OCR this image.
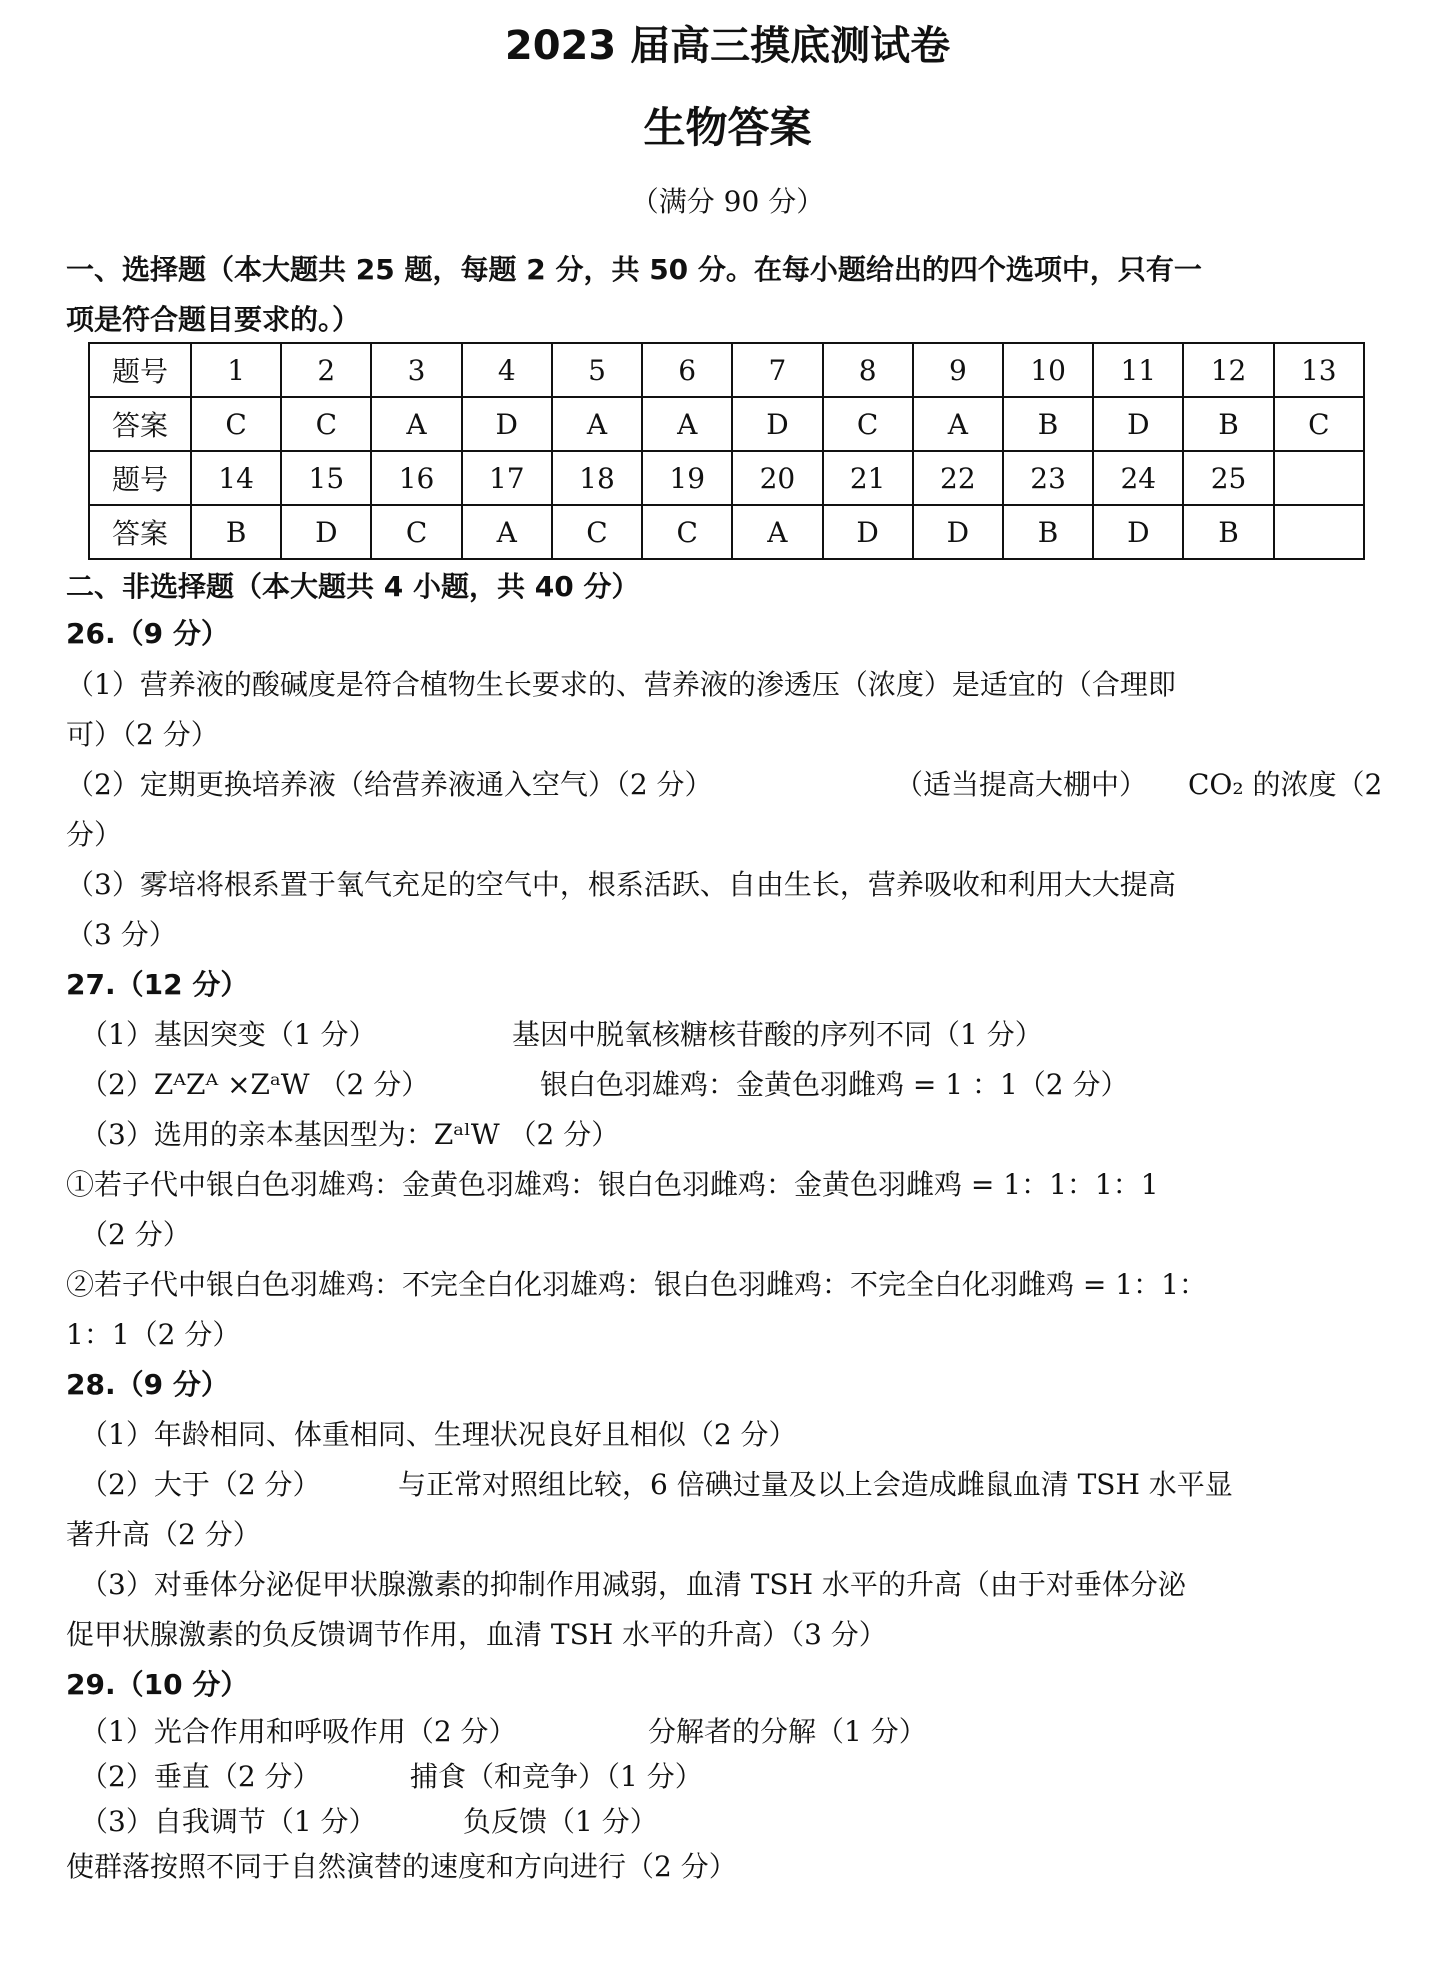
2023 届高三摸底测试卷
生物答案
（满分 90 分）
一、选择题（本大题共 25 题，每题 2 分，共 50 分。在每小题给出的四个选项中，只有一
项是符合题目要求的。）
题号	1	2	3	4	5	6	7	8	9	10	11	12	13
答案	C	C	A	D	A	A	D	C	A	B	D	B	C
题号	14	15	16	17	18	19	20	21	22	23	24	25	
答案	B	D	C	A	C	C	A	D	D	B	D	B	
二、非选择题（本大题共 4 小题，共 40 分）
26.（9 分）
（1）营养液的酸碱度是符合植物生长要求的、营养液的渗透压（浓度）是适宜的（合理即
可）（2 分）
（2）定期更换培养液（给营养液通入空气）（2 分）	（适当提高大棚中） CO₂ 的浓度（2
分）
（3）雾培将根系置于氧气充足的空气中，根系活跃、自由生长，营养吸收和利用大大提高
（3 分）
27.（12 分）
（1）基因突变（1 分）	基因中脱氧核糖核苷酸的序列不同（1 分）
（2）ZᴬZᴬ ×ZᵃW （2 分）	银白色羽雄鸡：金黄色羽雌鸡 = 1 ：1（2 分）
（3）选用的亲本基因型为：ZᵃˡW （2 分）
①若子代中银白色羽雄鸡：金黄色羽雄鸡：银白色羽雌鸡：金黄色羽雌鸡 = 1：1：1：1
（2 分）
②若子代中银白色羽雄鸡：不完全白化羽雄鸡：银白色羽雌鸡：不完全白化羽雌鸡 = 1：1：
1：1（2 分）
28.（9 分）
（1）年龄相同、体重相同、生理状况良好且相似（2 分）
（2）大于（2 分）	与正常对照组比较，6 倍碘过量及以上会造成雌鼠血清 TSH 水平显
著升高（2 分）
（3）对垂体分泌促甲状腺激素的抑制作用减弱，血清 TSH 水平的升高（由于对垂体分泌
促甲状腺激素的负反馈调节作用，血清 TSH 水平的升高）（3 分）
29.（10 分）
（1）光合作用和呼吸作用（2 分）	分解者的分解（1 分）
（2）垂直（2 分）	捕食（和竞争）（1 分）
（3）自我调节（1 分）	负反馈（1 分）
使群落按照不同于自然演替的速度和方向进行（2 分）
